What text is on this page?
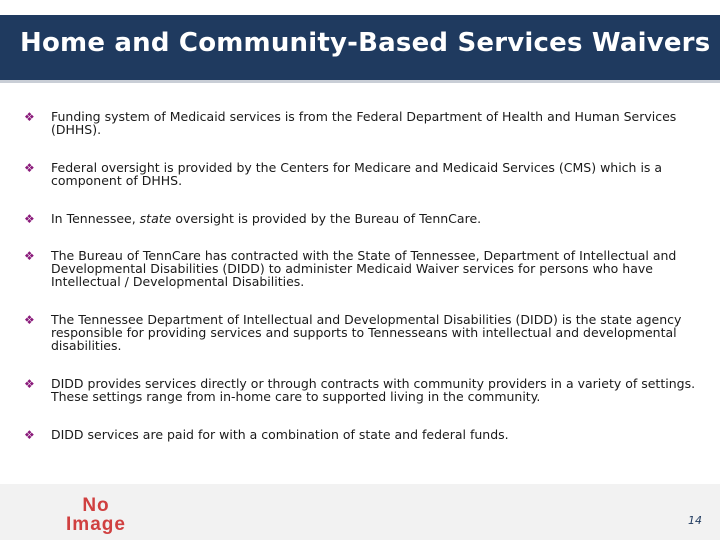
Home and Community-Based Services Waivers
❖	Funding system of Medicaid services is from the Federal Department of Health and Human Services (DHHS).
❖	Federal oversight is provided by the Centers for Medicare and Medicaid Services (CMS) which is a component of DHHS.
❖	In Tennessee, state oversight is provided by the Bureau of TennCare.
❖	The Bureau of TennCare has contracted with the State of Tennessee, Department of Intellectual and Developmental Disabilities (DIDD) to administer Medicaid Waiver services for persons who have Intellectual / Developmental Disabilities.
❖	The Tennessee Department of Intellectual and Developmental Disabilities (DIDD) is the state agency responsible for providing services and supports to Tennesseans with intellectual and developmental disabilities.
❖	DIDD provides services directly or through contracts with community providers in a variety of settings. These settings range from in-home care to supported living in the community.
❖	DIDD services are paid for with a combination of state and federal funds.
No
Image	14
